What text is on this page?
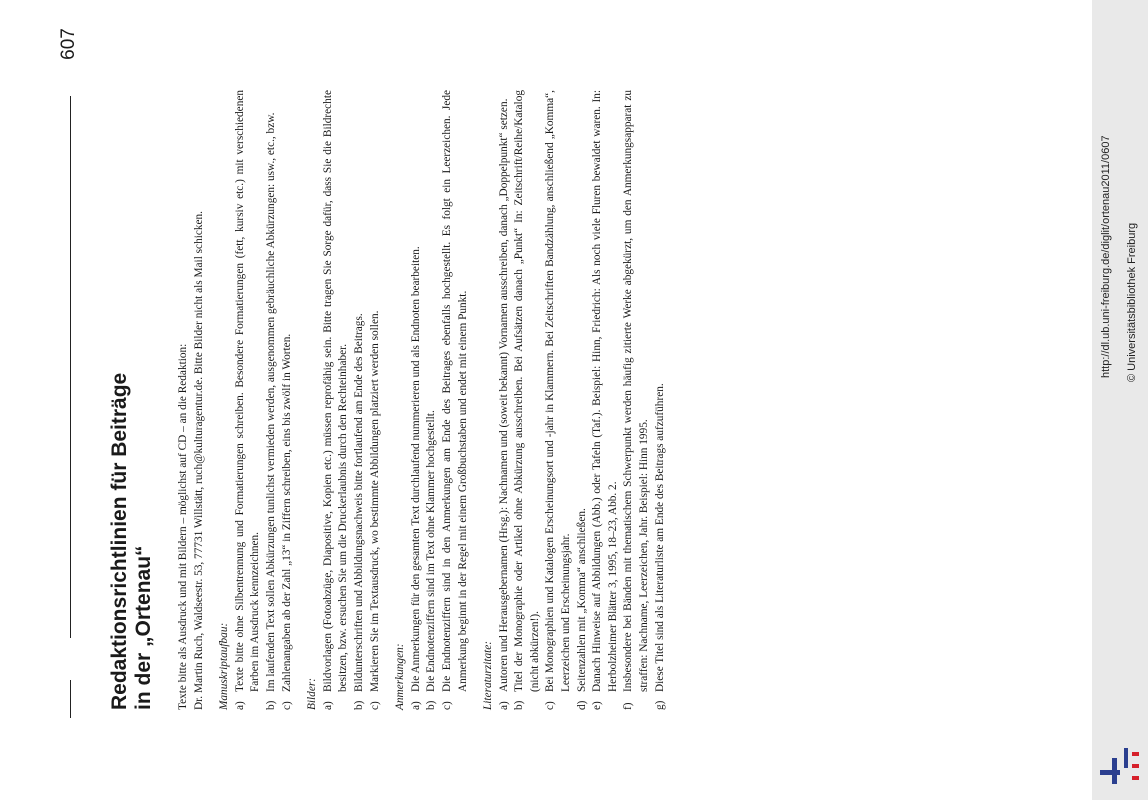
607
Redaktionsrichtlinien für Beiträge in der „Ortenau“ Texte bitte als Ausdruck und mit Bildern – möglichst auf CD – an die Redaktion: Dr. Martin Ruch, Waldseestr. 53, 77731 Willstätt, ruch@kulturagentur.de. Bitte Bilder nicht als Mail schicken. Manuskriptaufbau: a)
Texte bitte ohne Silbentrennung und Formatierungen schreiben. Besondere Formatierungen (fett, kursiv etc.) mit verschiedenen Farben im Ausdruck kennzeichnen.
b)
Im laufenden Text sollen Abkürzungen tunlichst vermieden werden, ausgenommen gebräuchliche Abkürzungen: usw., etc., bzw.
c)
Zahlenangaben ab der Zahl „13“ in Ziffern schreiben, eins bis zwölf in Worten.

Bilder: a)
Bildvorlagen (Fotoabzüge, Diapositive, Kopien etc.) müssen reprofähig sein. Bitte tragen Sie Sorge dafür, dass Sie die Bildrechte besitzen, bzw. ersuchen Sie um die Druckerlaubnis durch den Rechteinhaber.
b)
Bildunterschriften und Abbildungsnachweis bitte fortlaufend am Ende des Beitrags.
c)
Markieren Sie im Textausdruck, wo bestimmte Abbildungen platziert werden sollen. Anmerkungen: a)
Die Anmerkungen für den gesamten Text durchlaufend nummerieren und als Endnoten bearbeiten.
b)
Die Endnotenziffern sind im Text ohne Klammer hochgestellt.
c)
Die Endnotenziffern sind in den Anmerkungen am Ende des Beitrages ebenfalls hochgestellt. Es folgt ein Leerzeichen. Jede Anmerkung beginnt in der Regel mit einem Großbuchstaben und endet mit einem Punkt. Literaturzitate: a)
Autoren und Herausgebernamen (Hrsg.): Nachnamen und (soweit bekannt) Vornamen ausschreiben, danach „Doppelpunkt“ setzen.
b)
Titel der Monographie oder Artikel ohne Abkürzung ausschreiben. Bei Aufsätzen danach „Punkt“ In: Zeitschrift/Reihe/Katalog (nicht abkürzen!).
c)
Bei Monographien und Katalogen Erscheinungsort und -jahr in Klammern. Bei Zeitschriften Bandzählung, anschließend „Komma“, Leerzeichen und Erscheinungsjahr.
d)
Seitenzahlen mit „Komma“ anschließen.
e)
Danach Hinweise auf Abbildungen (Abb.) oder Tafeln (Taf.). Beispiel: Hinn, Friedrich: Als noch viele Fluren bewaldet waren. In: Herbolzheimer Blätter 3, 1995, 18–23, Abb. 2.
f)
Insbesondere bei Bänden mit thematischem Schwerpunkt werden häufig zitierte Werke abgekürzt, um den Anmerkungsapparat zu straffen: Nachname, Leerzeichen, Jahr. Beispiel: Hinn 1995.
g)
Diese Titel sind als Literaturliste am Ende des Beitrags aufzuführen.
http://dl.ub.uni-freiburg.de/diglit/ortenau2011/0607 © Universitätsbibliothek Freiburg
